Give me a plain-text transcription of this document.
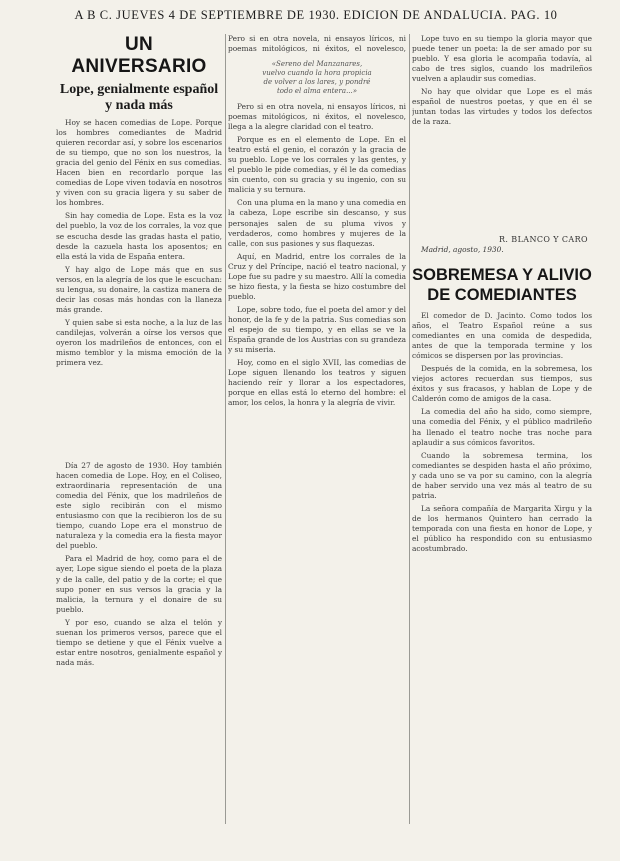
A B C. JUEVES 4 DE SEPTIEMBRE DE 1930. EDICION DE ANDALUCIA. PAG. 10
UN ANIVERSARIO
Lope, genialmente español y nada más

Hoy se hacen comedias de Lope. Porque los hombres comediantes de Madrid quieren recordar así, y sobre los escenarios de su tiempo, que no son los nuestros, la gracia del genio del Fénix en sus comedias. Hacen bien en recordarlo porque las comedias de Lope viven todavía en nosotros y viven con su gracia ligera y su saber de los hombres.

Sin hay comedia de Lope. Esta es la voz del pueblo, la voz de los corrales, la voz que se escucha desde las gradas hasta el patio, desde la cazuela hasta los aposentos; en ella está la vida de España entera.

Y hay algo de Lope más que en sus versos, en la alegría de los que le escuchan: su lengua, su donaire, la castiza manera de decir las cosas más hondas con la llaneza más grande.

Y quien sabe si esta noche, a la luz de las candilejas, volverán a oírse los versos que oyeron los madrileños de entonces, con el mismo temblor y la misma emoción de la primera vez.

Día 27 de agosto de 1930. Hoy también hacen comedia de Lope. Hoy, en el Coliseo, extraordinaria representación de una comedia del Fénix, que los madrileños de este siglo recibirán con el mismo entusiasmo con que la recibieron los de su tiempo, cuando Lope era el monstruo de naturaleza y la comedia era la fiesta mayor del pueblo.

Para el Madrid de hoy, como para el de ayer, Lope sigue siendo el poeta de la plaza y de la calle, del patio y de la corte; el que supo poner en sus versos la gracia y la malicia, la ternura y el donaire de su pueblo.

Y por eso, cuando se alza el telón y suenan los primeros versos, parece que el tiempo se detiene y que el Fénix vuelve a estar entre nosotros, genialmente español y nada más.

Pero si en otra novela, ni ensayos líricos, ni poemas mitológicos, ni éxitos, el novelesco,

«Sereno del Manzanares,
vuelvo cuando la hora propicia
de volver a los lares, y pondré
todo el alma entera...»

Pero si en otra novela, ni ensayos líricos, ni poemas mitológicos, ni éxitos, el novelesco, llega a la alegre claridad con el teatro.

Porque es en el elemento de Lope. En el teatro está el genio, el corazón y la gracia de su pueblo. Lope ve los corrales y las gentes, y el pueblo le pide comedias, y él le da comedias sin cuento, con su gracia y su ingenio, con su malicia y su ternura.

Con una pluma en la mano y una comedia en la cabeza, Lope escribe sin descanso, y sus personajes salen de su pluma vivos y verdaderos, como hombres y mujeres de la calle, con sus pasiones y sus flaquezas.

Aquí, en Madrid, entre los corrales de la Cruz y del Príncipe, nació el teatro nacional, y Lope fue su padre y su maestro. Allí la comedia se hizo fiesta, y la fiesta se hizo costumbre del pueblo.

Lope, sobre todo, fue el poeta del amor y del honor, de la fe y de la patria. Sus comedias son el espejo de su tiempo, y en ellas se ve la España grande de los Austrias con su grandeza y su miseria.

Hoy, como en el siglo XVII, las comedias de Lope siguen llenando los teatros y siguen haciendo reír y llorar a los espectadores, porque en ellas está lo eterno del hombre: el amor, los celos, la honra y la alegría de vivir.

Lope tuvo en su tiempo la gloria mayor que puede tener un poeta: la de ser amado por su pueblo. Y esa gloria le acompaña todavía, al cabo de tres siglos, cuando los madrileños vuelven a aplaudir sus comedias.

No hay que olvidar que Lope es el más español de nuestros poetas, y que en él se juntan todas las virtudes y todos los defectos de la raza.

R. BLANCO Y CARO

Madrid, agosto, 1930.

SOBREMESA Y ALIVIO DE COMEDIANTES

El comedor de D. Jacinto. Como todos los años, el Teatro Español reúne a sus comediantes en una comida de despedida, antes de que la temporada termine y los cómicos se dispersen por las provincias.

Después de la comida, en la sobremesa, los viejos actores recuerdan sus tiempos, sus éxitos y sus fracasos, y hablan de Lope y de Calderón como de amigos de la casa.

La comedia del año ha sido, como siempre, una comedia del Fénix, y el público madrileño ha llenado el teatro noche tras noche para aplaudir a sus cómicos favoritos.

Cuando la sobremesa termina, los comediantes se despiden hasta el año próximo, y cada uno se va por su camino, con la alegría de haber servido una vez más al teatro de su patria.

La señora compañía de Margarita Xirgu y la de los hermanos Quintero han cerrado la temporada con una fiesta en honor de Lope, y el público ha respondido con su entusiasmo acostumbrado.
